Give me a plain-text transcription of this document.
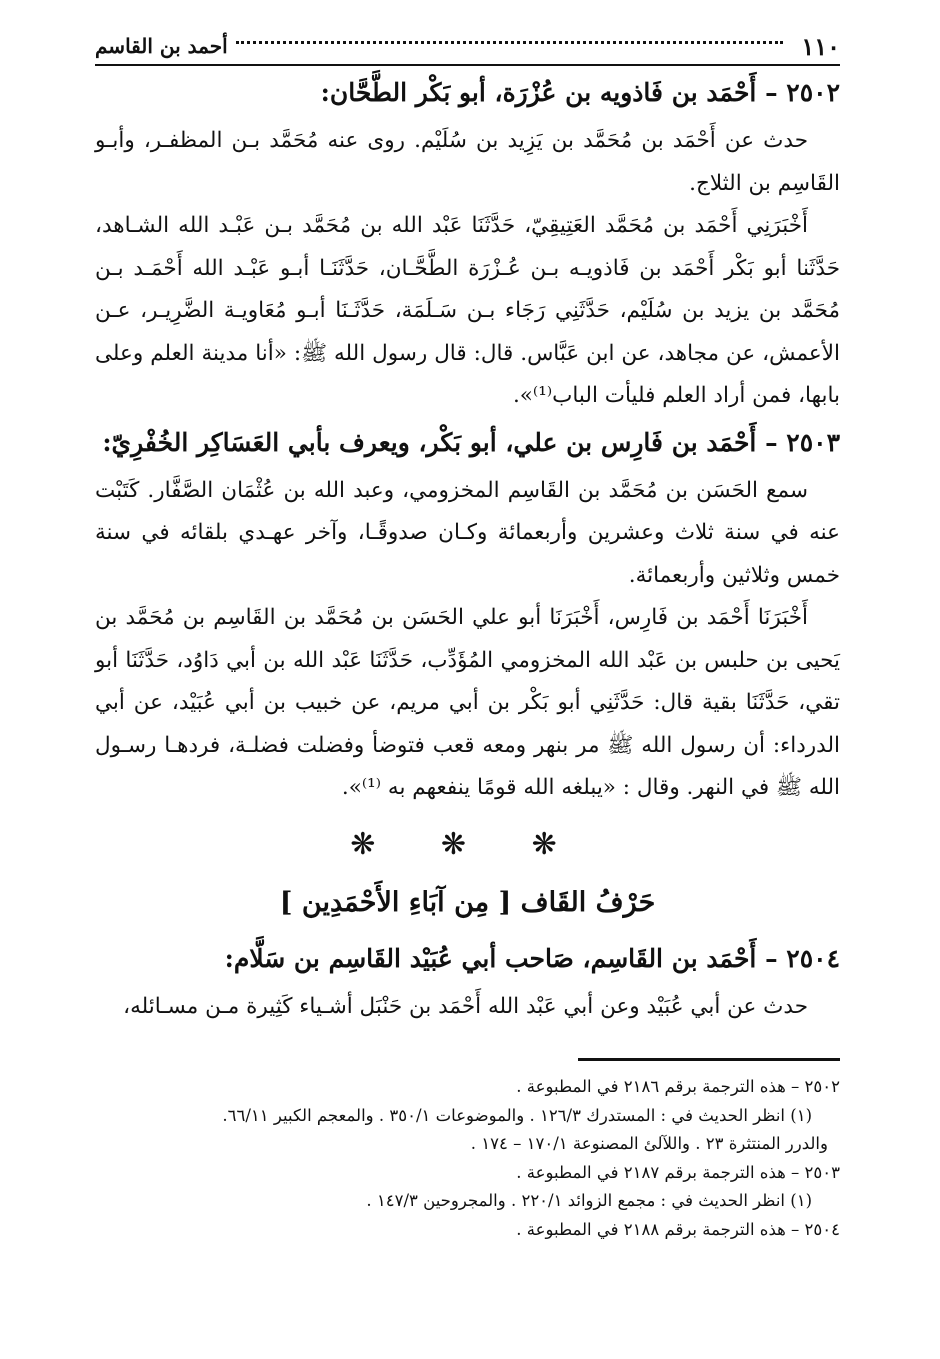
١١٠
أحمد بن القاسم
٢٥٠٢ – أَحْمَد بن فَاذويه بن عُزْرَة، أبو بَكْر الطَّحَّان:

حدث عن أَحْمَد بن مُحَمَّد بن يَزِيد بن سُلَيْم. روى عنه مُحَمَّد بـن المظفـر، وأبـو القَاسِم بن الثلاج.

أَخْبَرَنِي أَحْمَد بن مُحَمَّد العَتِيقِيّ، حَدَّثَنَا عَبْد الله بن مُحَمَّد بـن عَبْـد الله الشـاهد، حَدَّثَنا أبو بَكْر أَحْمَد بن فَاذويـه بـن عُـزْرَة الطَّحَّـان، حَدَّثَنَـا أبـو عَبْـد الله أَحْمَـد بـن مُحَمَّد بن يزيد بن سُلَيْم، حَدَّثَنِي رَجَاء بـن سَـلَمَة، حَدَّثَـنَا أبـو مُعَاويـة الضَّرِيـر، عـن الأعمش، عن مجاهد، عن ابن عَبَّاس. قال: قال رسول الله ﷺ: «أنا مدينة العلم وعلى بابها، فمن أراد العلم فليأت الباب⁽¹⁾».

٢٥٠٣ – أَحْمَد بن فَارِس بن علي، أبو بَكْر، ويعرف بأبي العَسَاكِر الخُفْرِيّ:

سمع الحَسَن بن مُحَمَّد بن القَاسِم المخزومي، وعبد الله بن عُثْمَان الصَّفَّار. كَتَبْت عنه في سنة ثلاث وعشرين وأربعمائة وكـان صدوقًـا، وآخر عهـدي بلقائه في سنة خمس وثلاثين وأربعمائة.

أَخْبَرَنَا أَحْمَد بن فَارِس، أَخْبَرَنَا أبو علي الحَسَن بن مُحَمَّد بن القَاسِم بن مُحَمَّد بن يَحيى بن حلبس بن عَبْد الله المخزومي المُؤَدِّب، حَدَّثَنَا عَبْد الله بن أبي دَاوُد، حَدَّثَنَا أبو تقي، حَدَّثَنَا بقية قال: حَدَّثَنِي أبو بَكْر بن أبي مريم، عن خبيب بن أبي عُبَيْد، عن أبي الدرداء: أن رسول الله ﷺ مر بنهر ومعه قعب فتوضأ وفضلت فضلـة، فردهـا رسـول الله ﷺ في النهر. وقال : «يبلغه الله قومًا ينفعهم به ⁽¹⁾».

❋ ❋ ❋
حَرْفُ القَاف [ مِن آبَاءِ الأَحْمَدِين ]
٢٥٠٤ – أَحْمَد بن القَاسِم، صَاحب أبي عُبَيْد القَاسِم بن سَلَّام:

حدث عن أبي عُبَيْد وعن أبي عَبْد الله أَحْمَد بن حَنْبَل أشـياء كَثِيرة مـن مسـائله،

٢٥٠٢ – هذه الترجمة برقم ٢١٨٦ في المطبوعة .

(١) انظر الحديث في : المستدرك ١٢٦/٣ . والموضوعات ٣٥٠/١ . والمعجم الكبير ٦٦/١١.

والدرر المنتثرة ٢٣ . واللآلئ المصنوعة ١٧٠/١ – ١٧٤ .

٢٥٠٣ – هذه الترجمة برقم ٢١٨٧ في المطبوعة .

(١) انظر الحديث في : مجمع الزوائد ٢٢٠/١ . والمجروحين ١٤٧/٣ .

٢٥٠٤ – هذه الترجمة برقم ٢١٨٨ في المطبوعة .
